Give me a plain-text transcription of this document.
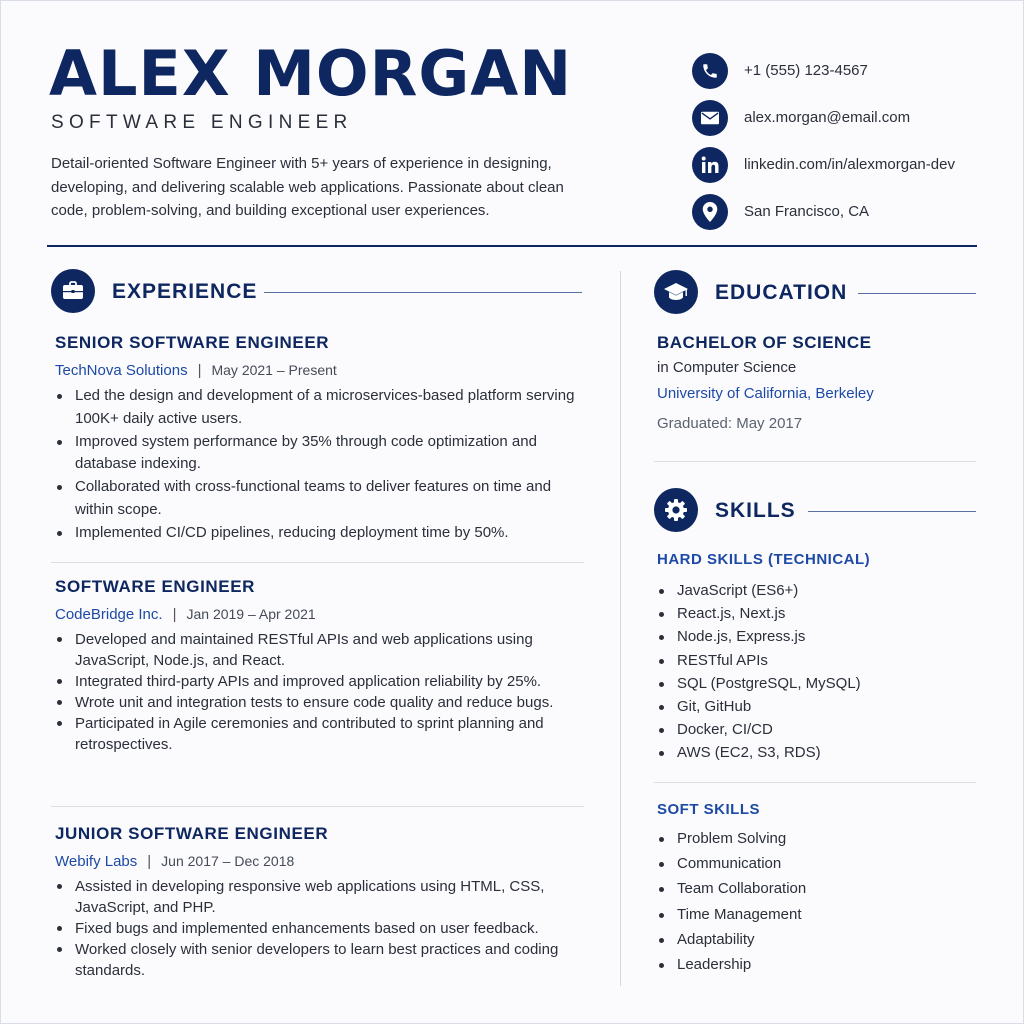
ALEX MORGAN
SOFTWARE ENGINEER
Detail-oriented Software Engineer with 5+ years of experience in designing, developing, and delivering scalable web applications. Passionate about clean code, problem-solving, and building exceptional user experiences.
+1 (555) 123-4567
alex.morgan@email.com
linkedin.com/in/alexmorgan-dev
San Francisco, CA
EXPERIENCE
SENIOR SOFTWARE ENGINEER
TechNova Solutions | May 2021 – Present
Led the design and development of a microservices-based platform serving 100K+ daily active users.
Improved system performance by 35% through code optimization and database indexing.
Collaborated with cross-functional teams to deliver features on time and within scope.
Implemented CI/CD pipelines, reducing deployment time by 50%.
SOFTWARE ENGINEER
CodeBridge Inc. | Jan 2019 – Apr 2021
Developed and maintained RESTful APIs and web applications using JavaScript, Node.js, and React.
Integrated third-party APIs and improved application reliability by 25%.
Wrote unit and integration tests to ensure code quality and reduce bugs.
Participated in Agile ceremonies and contributed to sprint planning and retrospectives.
JUNIOR SOFTWARE ENGINEER
Webify Labs | Jun 2017 – Dec 2018
Assisted in developing responsive web applications using HTML, CSS, JavaScript, and PHP.
Fixed bugs and implemented enhancements based on user feedback.
Worked closely with senior developers to learn best practices and coding standards.
EDUCATION
BACHELOR OF SCIENCE
in Computer Science
University of California, Berkeley
Graduated: May 2017
SKILLS
HARD SKILLS (TECHNICAL)
JavaScript (ES6+)
React.js, Next.js
Node.js, Express.js
RESTful APIs
SQL (PostgreSQL, MySQL)
Git, GitHub
Docker, CI/CD
AWS (EC2, S3, RDS)
SOFT SKILLS
Problem Solving
Communication
Team Collaboration
Time Management
Adaptability
Leadership
